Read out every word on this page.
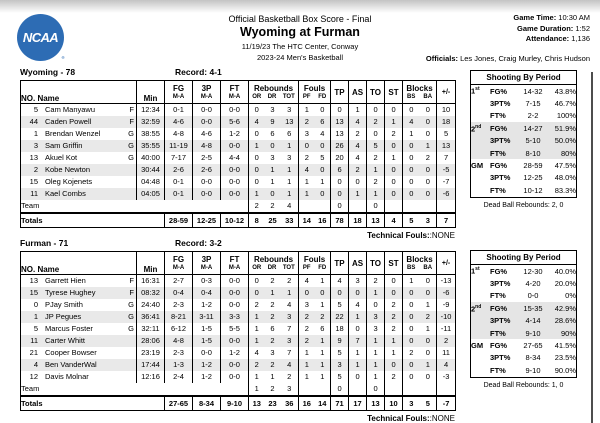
NCAA
®
Official Basketball Box Score - Final
Wyoming at Furman
11/19/23 The HTC Center, Conway
2023-24 Men's Basketball
Game Time: 10:30 AM
Game Duration: 1:52
Attendance: 1,136
Officials: Les Jones, Craig Murley, Chris Hudson
Wyoming - 78	Record: 4-1
NO. Name	Min	
FG
M-A

3P
M-A

FT
M-A

Rebounds
OR DR TOT

Fouls
PF FD	TP	AS	TO	ST	Blocks
BS BA
	+/-

5 Cam Manyawu F	12:34	0-1	0-0	0-0	0	3	3	1	0	0	1	0	0	0	0	10

44 Caden Powell F	32:59	4-6	0-0	5-6	4	9	13	2	6	13	4	2	1	4	0	18

1 Brendan Wenzel G	38:55	4-8	4-6	1-2	0	6	6	3	4	13	2	0	2	1	0	5

3 Sam Griffin G	35:55	11-19	4-8	0-0	1	0	1	0	0	26	4	5	0	0	1	13

13 Akuel Kot G	40:00	7-17	2-5	4-4	0	3	3	2	5	20	4	2	1	0	2	7

2 Kobe Newton	30:44	2-6	2-6	0-0	0	1	1	4	0	6	2	1	0	0	0	-5

15 Oleg Kojenets	04:48	0-1	0-0	0-0	0	1	1	1	1	0	0	2	0	0	0	-7

11 Kael Combs	04:05	0-1	0-0	0-0	1	0	1	1	0	0	1	1	0	0	0	-6
Team					2	2	4			0		0				
Totals		28-59	12-25	10-12	8	25	33	14	16	78	18	13	4	5	3	7
Technical Fouls::NONE
Shooting By Period			
1st	FG%	14-32	43.8%
	3PT%	7-15	46.7%
	FT%	2-2	100%
2nd	FG%	14-27	51.9%
	3PT%	5-10	50.0%
	FT%	8-10	80%
GM	FG%	28-59	47.5%
	3PT%	12-25	48.0%
	FT%	10-12	83.3%
Dead Ball Rebounds: 2, 0
Furman - 71	Record: 3-2
NO. Name	Min	
FG
M-A

3P
M-A

FT
M-A

Rebounds
OR DR TOT

Fouls
PF FD	TP	AS	TO	ST	Blocks
BS BA
	+/-

13 Garrett Hien F	16:31	2-7	0-3	0-0	0	2	2	4	1	4	3	2	0	1	0	-13

15 Tyrese Hughey F	08:32	0-4	0-4	0-0	0	1	1	0	0	0	0	1	0	0	0	-6

0 PJay Smith G	24:40	2-3	1-2	0-0	2	2	4	3	1	5	4	0	2	0	1	-9

1 JP Pegues G	36:41	8-21	3-11	3-3	1	2	3	2	2	22	1	3	2	0	2	-10

5 Marcus Foster G	32:11	6-12	1-5	5-5	1	6	7	2	6	18	0	3	2	0	1	-11

11 Carter Whitt	28:06	4-8	1-5	0-0	1	2	3	2	1	9	7	1	1	0	0	2

21 Cooper Bowser	23:19	2-3	0-0	1-2	4	3	7	1	1	5	1	1	1	2	0	11

4 Ben VanderWal	17:44	1-3	1-2	0-0	2	2	4	1	1	3	1	1	0	0	1	4

12 Davis Molnar	12:16	2-4	1-2	0-0	1	1	2	1	1	5	0	1	2	0	0	-3
Team					1	2	3			0		0				
Totals		27-65	8-34	9-10	13	23	36	16	14	71	17	13	10	3	5	-7
Technical Fouls::NONE
Shooting By Period			
1st	FG%	12-30	40.0%
	3PT%	4-20	20.0%
	FT%	0-0	0%
2nd	FG%	15-35	42.9%
	3PT%	4-14	28.6%
	FT%	9-10	90%
GM	FG%	27-65	41.5%
	3PT%	8-34	23.5%
	FT%	9-10	90.0%
Dead Ball Rebounds: 1, 0
